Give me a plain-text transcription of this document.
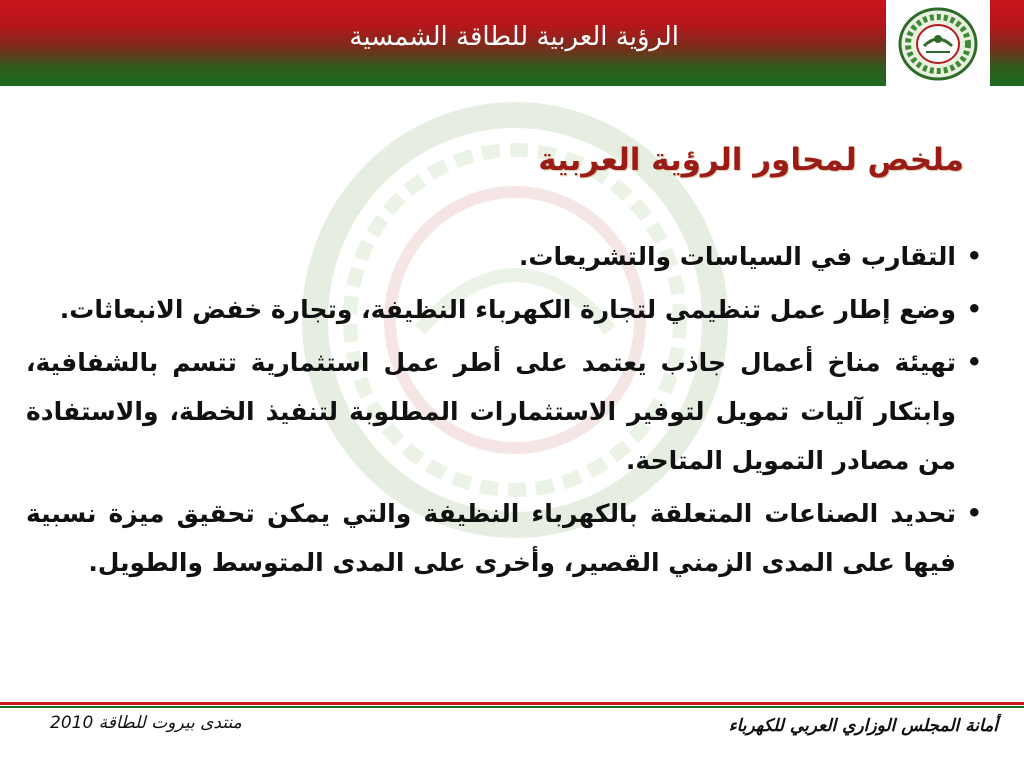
الرؤية العربية للطاقة الشمسية
ملخص لمحاور الرؤية العربية
• التقارب في السياسات والتشريعات.
• وضع إطار عمل تنظيمي لتجارة الكهرباء النظيفة، وتجارة خفض الانبعاثات.
• تهيئة مناخ أعمال جاذب يعتمد على أطر عمل استثمارية تتسم بالشفافية، وابتكار آليات تمويل لتوفير الاستثمارات المطلوبة لتنفيذ الخطة، والاستفادة من مصادر التمويل المتاحة.
• تحديد الصناعات المتعلقة بالكهرباء النظيفة والتي يمكن تحقيق ميزة نسبية فيها على المدى الزمني القصير، وأخرى على المدى المتوسط والطويل.
منتدى بيروت للطاقة 2010	أمانة المجلس الوزاري العربي للكهرباء
